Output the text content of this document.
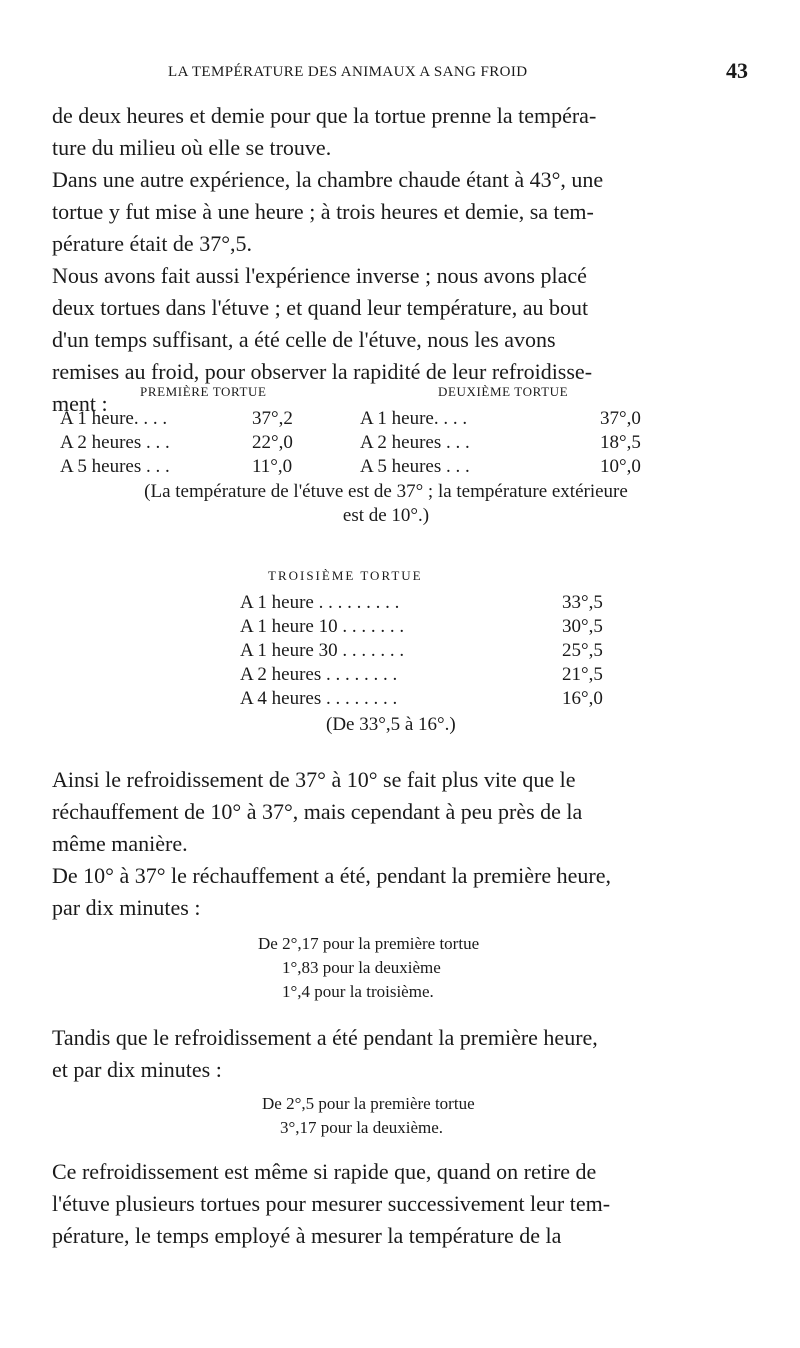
LA TEMPÉRATURE DES ANIMAUX A SANG FROID	43

de deux heures et demie pour que la tortue prenne la tempéra-
ture du milieu où elle se trouve.

Dans une autre expérience, la chambre chaude étant à 43°, une
tortue y fut mise à une heure ; à trois heures et demie, sa tem-
pérature était de 37°,5.

Nous avons fait aussi l'expérience inverse ; nous avons placé
deux tortues dans l'étuve ; et quand leur température, au bout
d'un temps suffisant, a été celle de l'étuve, nous les avons
remises au froid, pour observer la rapidité de leur refroidisse-
ment :	PREMIÈRE TORTUE	DEUXIÈME TORTUE
A 1 heure. . . .	37°,2	A 1 heure. . . .	37°,0
A 2 heures . . .	22°,0	A 2 heures . . .	18°,5
A 5 heures . . .	11°,0	A 5 heures . . .	10°,0
(La température de l'étuve est de 37° ; la température extérieure
est de 10°.)
TROISIÈME TORTUE
A 1 heure . . . . . . . . .	33°,5
A 1 heure 10 . . . . . . .	30°,5
A 1 heure 30 . . . . . . .	25°,5
A 2 heures . . . . . . . .	21°,5
A 4 heures . . . . . . . .	16°,0
(De 33°,5 à 16°.)

Ainsi le refroidissement de 37° à 10° se fait plus vite que le
réchauffement de 10° à 37°, mais cependant à peu près de la
même manière.

De 10° à 37° le réchauffement a été, pendant la première heure,
par dix minutes :

De 2°,17 pour la première tortue
1°,83 pour la deuxième
1°,4 pour la troisième.

Tandis que le refroidissement a été pendant la première heure,
et par dix minutes :

De 2°,5 pour la première tortue
3°,17 pour la deuxième.

Ce refroidissement est même si rapide que, quand on retire de
l'étuve plusieurs tortues pour mesurer successivement leur tem-
pérature, le temps employé à mesurer la température de la
